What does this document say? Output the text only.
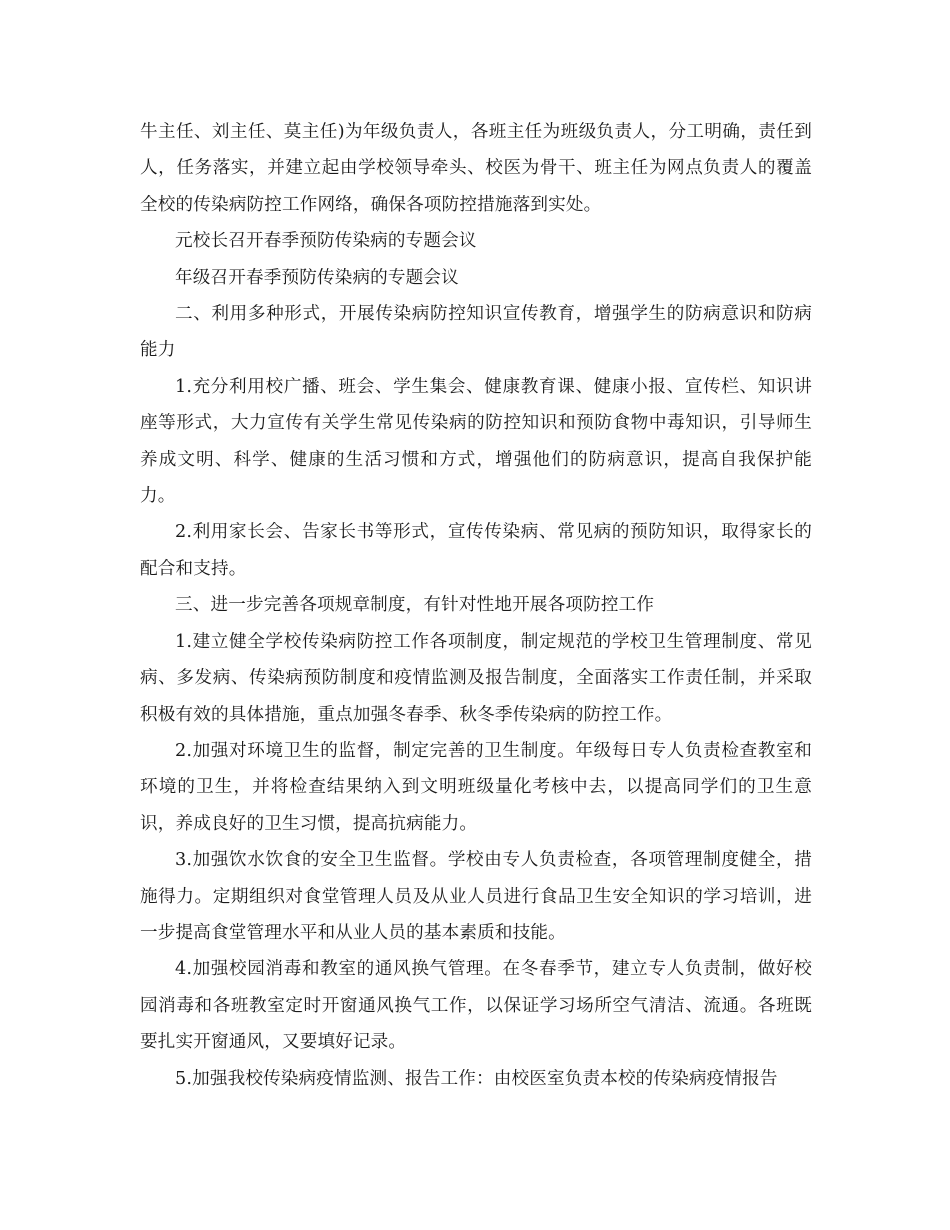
牛主任、刘主任、莫主任)为年级负责人，各班主任为班级负责人，分工明确，责任到人，任务落实，并建立起由学校领导牵头、校医为骨干、班主任为网点负责人的覆盖全校的传染病防控工作网络，确保各项防控措施落到实处。

元校长召开春季预防传染病的专题会议

年级召开春季预防传染病的专题会议

二、利用多种形式，开展传染病防控知识宣传教育，增强学生的防病意识和防病能力

1.充分利用校广播、班会、学生集会、健康教育课、健康小报、宣传栏、知识讲座等形式，大力宣传有关学生常见传染病的防控知识和预防食物中毒知识，引导师生养成文明、科学、健康的生活习惯和方式，增强他们的防病意识，提高自我保护能力。

2.利用家长会、告家长书等形式，宣传传染病、常见病的预防知识，取得家长的配合和支持。

三、进一步完善各项规章制度，有针对性地开展各项防控工作

1.建立健全学校传染病防控工作各项制度，制定规范的学校卫生管理制度、常见病、多发病、传染病预防制度和疫情监测及报告制度，全面落实工作责任制，并采取积极有效的具体措施，重点加强冬春季、秋冬季传染病的防控工作。

2.加强对环境卫生的监督，制定完善的卫生制度。年级每日专人负责检查教室和环境的卫生，并将检查结果纳入到文明班级量化考核中去，以提高同学们的卫生意识，养成良好的卫生习惯，提高抗病能力。

3.加强饮水饮食的安全卫生监督。学校由专人负责检查，各项管理制度健全，措施得力。定期组织对食堂管理人员及从业人员进行食品卫生安全知识的学习培训，进一步提高食堂管理水平和从业人员的基本素质和技能。

4.加强校园消毒和教室的通风换气管理。在冬春季节，建立专人负责制，做好校园消毒和各班教室定时开窗通风换气工作，以保证学习场所空气清洁、流通。各班既要扎实开窗通风，又要填好记录。

5.加强我校传染病疫情监测、报告工作：由校医室负责本校的传染病疫情报告
